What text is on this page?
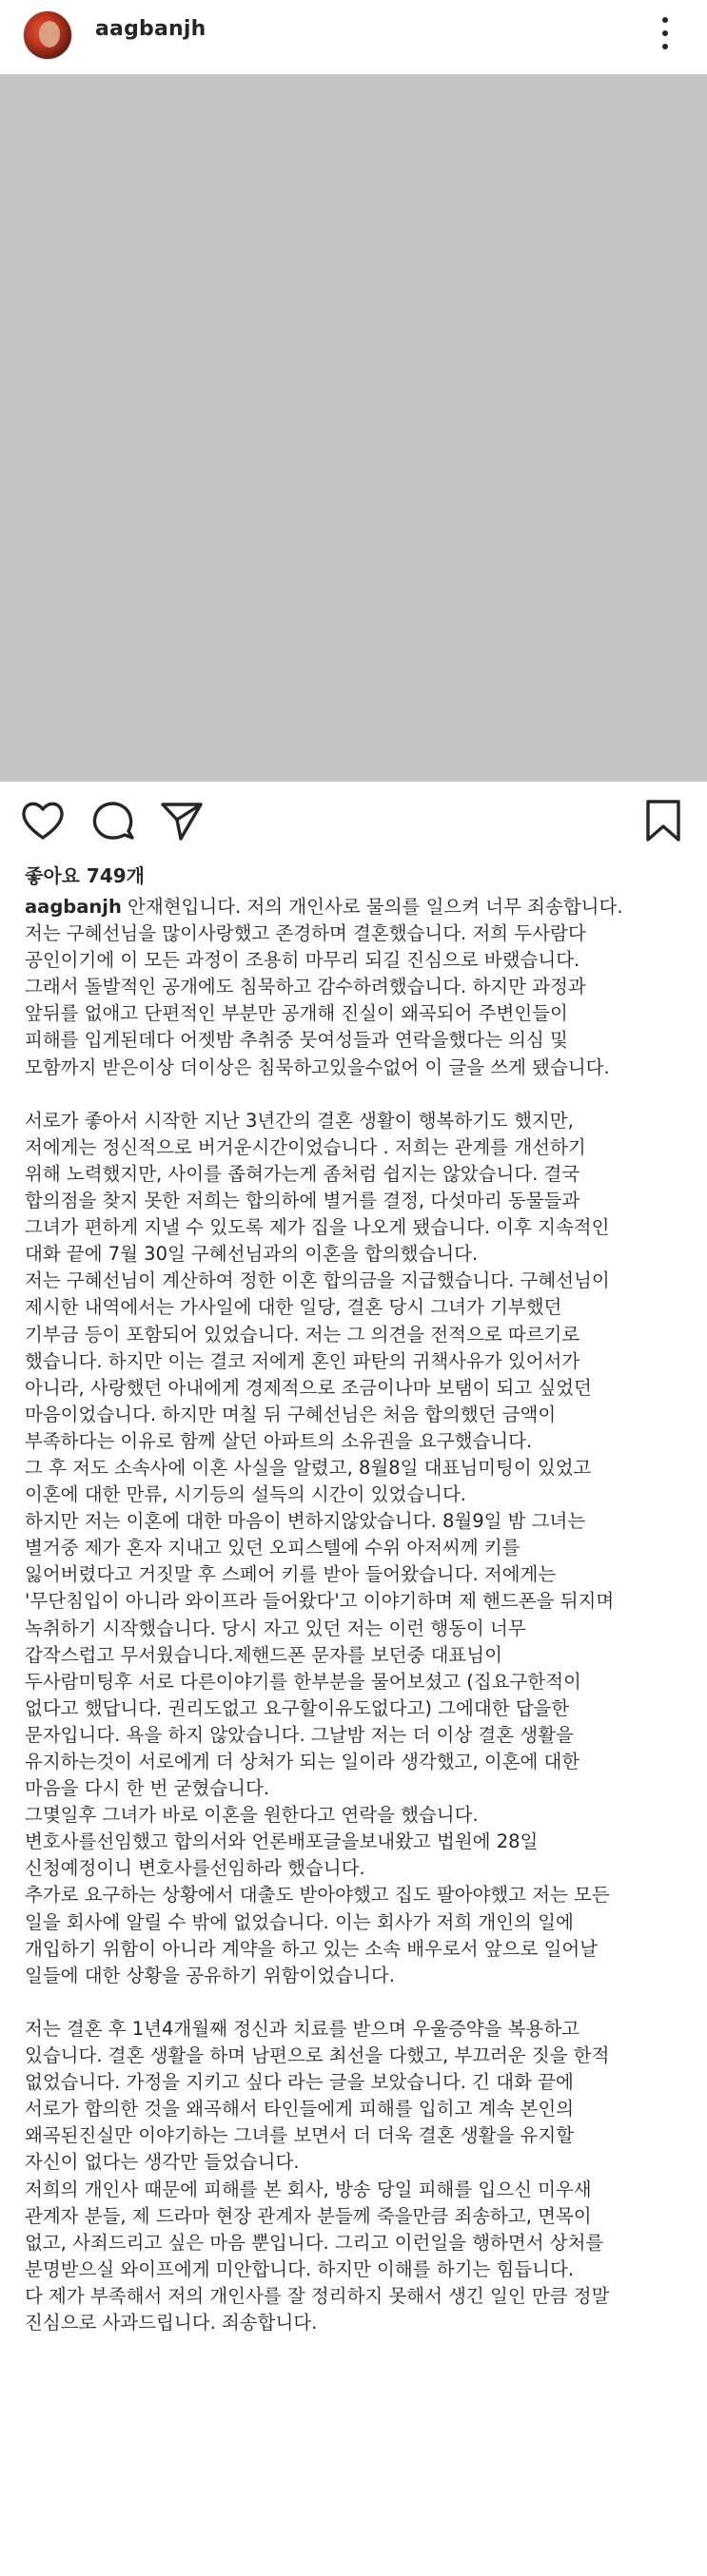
aagbanjh
좋아요 749개
aagbanjh 안재현입니다. 저의 개인사로 물의를 일으켜 너무 죄송합니다.
저는 구혜선님을 많이사랑했고 존경하며 결혼했습니다. 저희 두사람다
공인이기에 이 모든 과정이 조용히 마무리 되길 진심으로 바랬습니다.
그래서 돌발적인 공개에도 침묵하고 감수하려했습니다. 하지만 과정과
앞뒤를 없애고 단편적인 부분만 공개해 진실이 왜곡되어 주변인들이
피해를 입게된데다 어젯밤 추취중 뭇여성들과 연락을했다는 의심 및
모함까지 받은이상 더이상은 침묵하고있을수없어 이 글을 쓰게 됐습니다.
서로가 좋아서 시작한 지난 3년간의 결혼 생활이 행복하기도 했지만,
저에게는 정신적으로 버거운시간이었습니다 . 저희는 관계를 개선하기
위해 노력했지만, 사이를 좁혀가는게 좀처럼 쉽지는 않았습니다. 결국
합의점을 찾지 못한 저희는 합의하에 별거를 결정, 다섯마리 동물들과
그녀가 편하게 지낼 수 있도록 제가 집을 나오게 됐습니다. 이후 지속적인
대화 끝에 7월 30일 구혜선님과의 이혼을 합의했습니다.
저는 구혜선님이 계산하여 정한 이혼 합의금을 지급했습니다. 구혜선님이
제시한 내역에서는 가사일에 대한 일당, 결혼 당시 그녀가 기부했던
기부금 등이 포함되어 있었습니다. 저는 그 의견을 전적으로 따르기로
했습니다. 하지만 이는 결코 저에게 혼인 파탄의 귀책사유가 있어서가
아니라, 사랑했던 아내에게 경제적으로 조금이나마 보탬이 되고 싶었던
마음이었습니다. 하지만 며칠 뒤 구혜선님은 처음 합의했던 금액이
부족하다는 이유로 함께 살던 아파트의 소유권을 요구했습니다.
그 후 저도 소속사에 이혼 사실을 알렸고, 8월8일 대표님미팅이 있었고
이혼에 대한 만류, 시기등의 설득의 시간이 있었습니다.
하지만 저는 이혼에 대한 마음이 변하지않았습니다. 8월9일 밤 그녀는
별거중 제가 혼자 지내고 있던 오피스텔에 수위 아저씨께 키를
잃어버렸다고 거짓말 후 스페어 키를 받아 들어왔습니다. 저에게는
'무단침입이 아니라 와이프라 들어왔다'고 이야기하며 제 핸드폰을 뒤지며
녹취하기 시작했습니다. 당시 자고 있던 저는 이런 행동이 너무
갑작스럽고 무서웠습니다.제핸드폰 문자를 보던중 대표님이
두사람미팅후 서로 다른이야기를 한부분을 물어보셨고 (집요구한적이
없다고 했답니다. 권리도없고 요구할이유도없다고) 그에대한 답을한
문자입니다. 욕을 하지 않았습니다. 그날밤 저는 더 이상 결혼 생활을
유지하는것이 서로에게 더 상처가 되는 일이라 생각했고, 이혼에 대한
마음을 다시 한 번 굳혔습니다.
그몇일후 그녀가 바로 이혼을 원한다고 연락을 했습니다.
변호사를선임했고 합의서와 언론배포글을보내왔고 법원에 28일
신청예정이니 변호사를선임하라 했습니다.
추가로 요구하는 상황에서 대출도 받아야했고 집도 팔아야했고 저는 모든
일을 회사에 알릴 수 밖에 없었습니다. 이는 회사가 저희 개인의 일에
개입하기 위함이 아니라 계약을 하고 있는 소속 배우로서 앞으로 일어날
일들에 대한 상황을 공유하기 위함이었습니다.
저는 결혼 후 1년4개월째 정신과 치료를 받으며 우울증약을 복용하고
있습니다. 결혼 생활을 하며 남편으로 최선을 다했고, 부끄러운 짓을 한적
없었습니다. 가정을 지키고 싶다 라는 글을 보았습니다. 긴 대화 끝에
서로가 합의한 것을 왜곡해서 타인들에게 피해를 입히고 계속 본인의
왜곡된진실만 이야기하는 그녀를 보면서 더 더욱 결혼 생활을 유지할
자신이 없다는 생각만 들었습니다.
저희의 개인사 때문에 피해를 본 회사, 방송 당일 피해를 입으신 미우새
관계자 분들, 제 드라마 현장 관계자 분들께 죽을만큼 죄송하고, 면목이
없고, 사죄드리고 싶은 마음 뿐입니다. 그리고 이런일을 행하면서 상처를
분명받으실 와이프에게 미안합니다. 하지만 이해를 하기는 힘듭니다.
다 제가 부족해서 저의 개인사를 잘 정리하지 못해서 생긴 일인 만큼 정말
진심으로 사과드립니다. 죄송합니다.
